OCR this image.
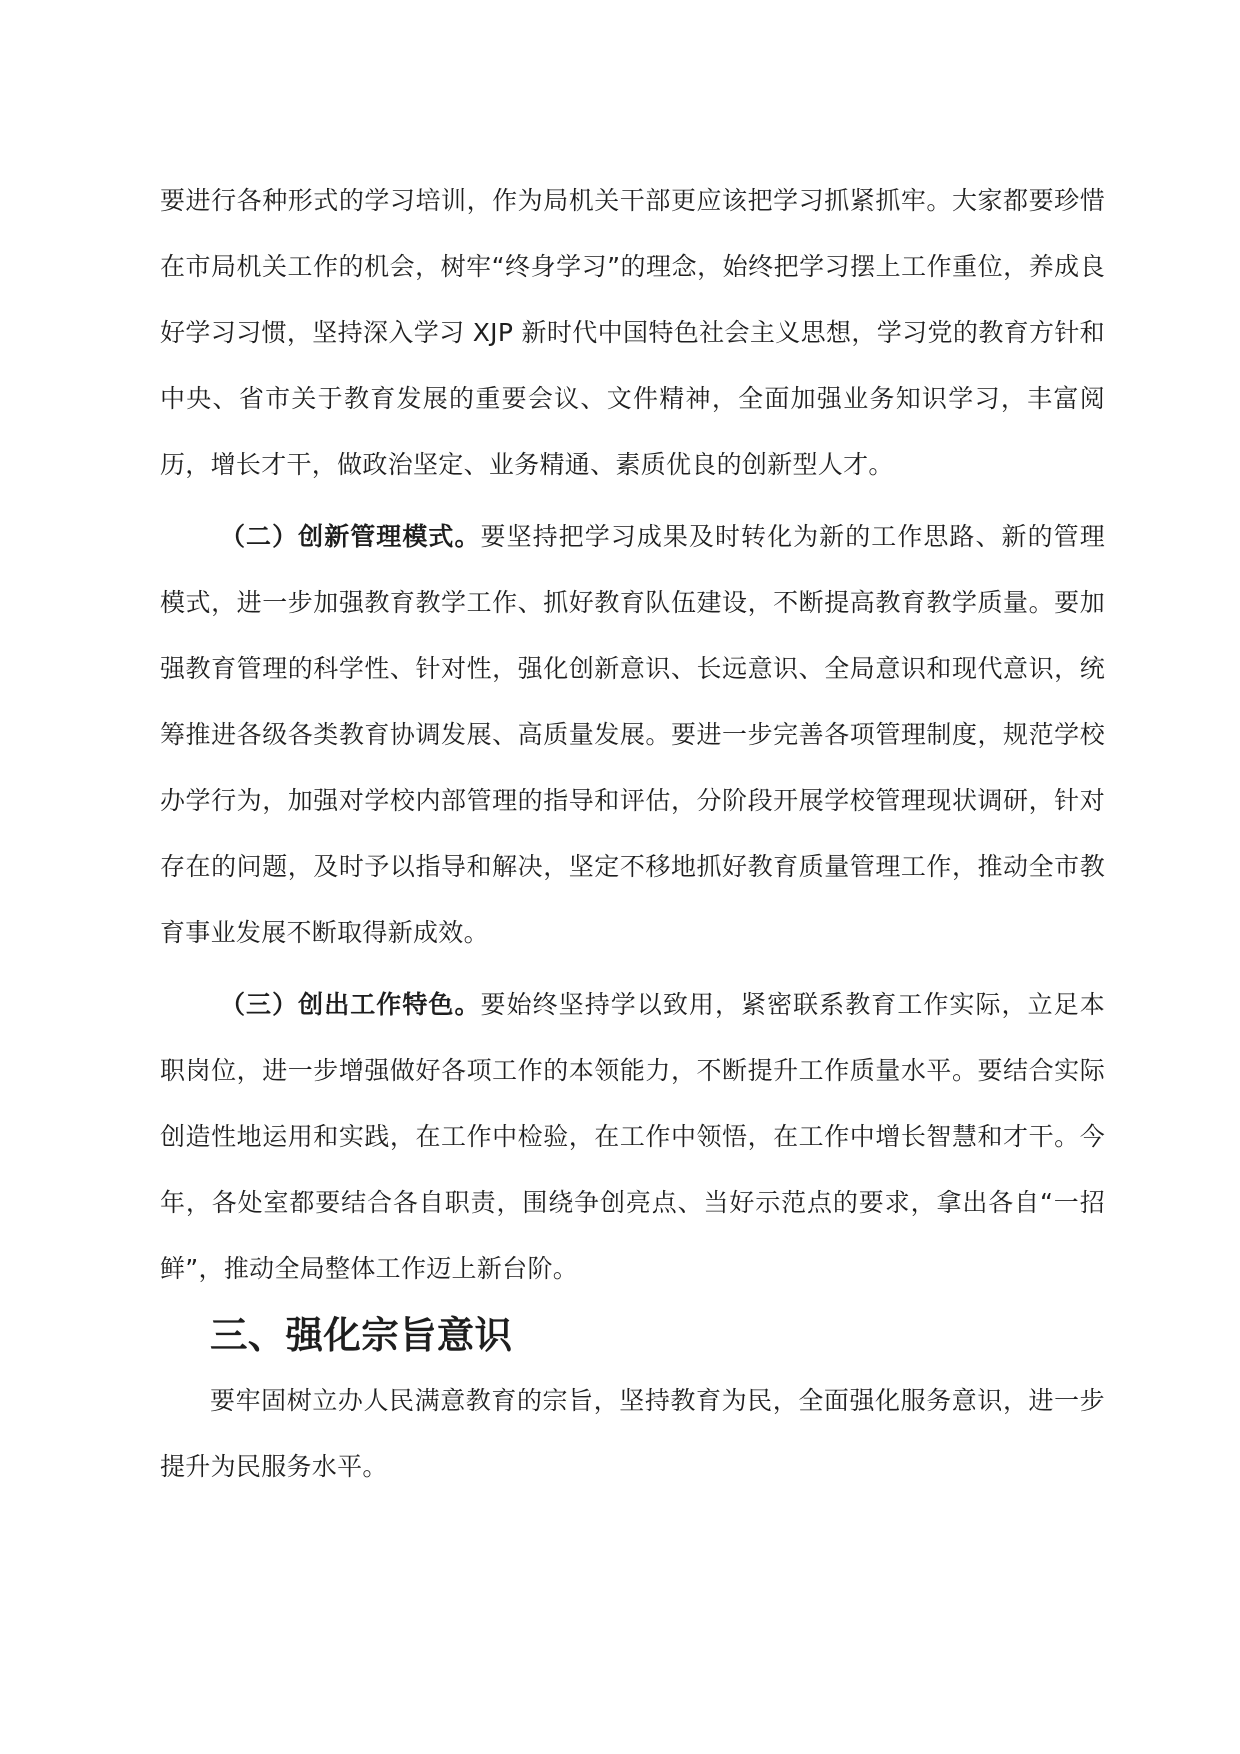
要进行各种形式的学习培训，作为局机关干部更应该把学习抓紧抓牢。大家都要珍惜在市局机关工作的机会，树牢“终身学习”的理念，始终把学习摆上工作重位，养成良好学习习惯，坚持深入学习 XJP 新时代中国特色社会主义思想，学习党的教育方针和中央、省市关于教育发展的重要会议、文件精神，全面加强业务知识学习，丰富阅历，增长才干，做政治坚定、业务精通、素质优良的创新型人才。

（二）创新管理模式。要坚持把学习成果及时转化为新的工作思路、新的管理模式，进一步加强教育教学工作、抓好教育队伍建设，不断提高教育教学质量。要加强教育管理的科学性、针对性，强化创新意识、长远意识、全局意识和现代意识，统筹推进各级各类教育协调发展、高质量发展。要进一步完善各项管理制度，规范学校办学行为，加强对学校内部管理的指导和评估，分阶段开展学校管理现状调研，针对存在的问题，及时予以指导和解决，坚定不移地抓好教育质量管理工作，推动全市教育事业发展不断取得新成效。

（三）创出工作特色。要始终坚持学以致用，紧密联系教育工作实际，立足本职岗位，进一步增强做好各项工作的本领能力，不断提升工作质量水平。要结合实际创造性地运用和实践，在工作中检验，在工作中领悟，在工作中增长智慧和才干。今年，各处室都要结合各自职责，围绕争创亮点、当好示范点的要求，拿出各自“一招鲜”，推动全局整体工作迈上新台阶。

三、强化宗旨意识

要牢固树立办人民满意教育的宗旨，坚持教育为民，全面强化服务意识，进一步提升为民服务水平。
